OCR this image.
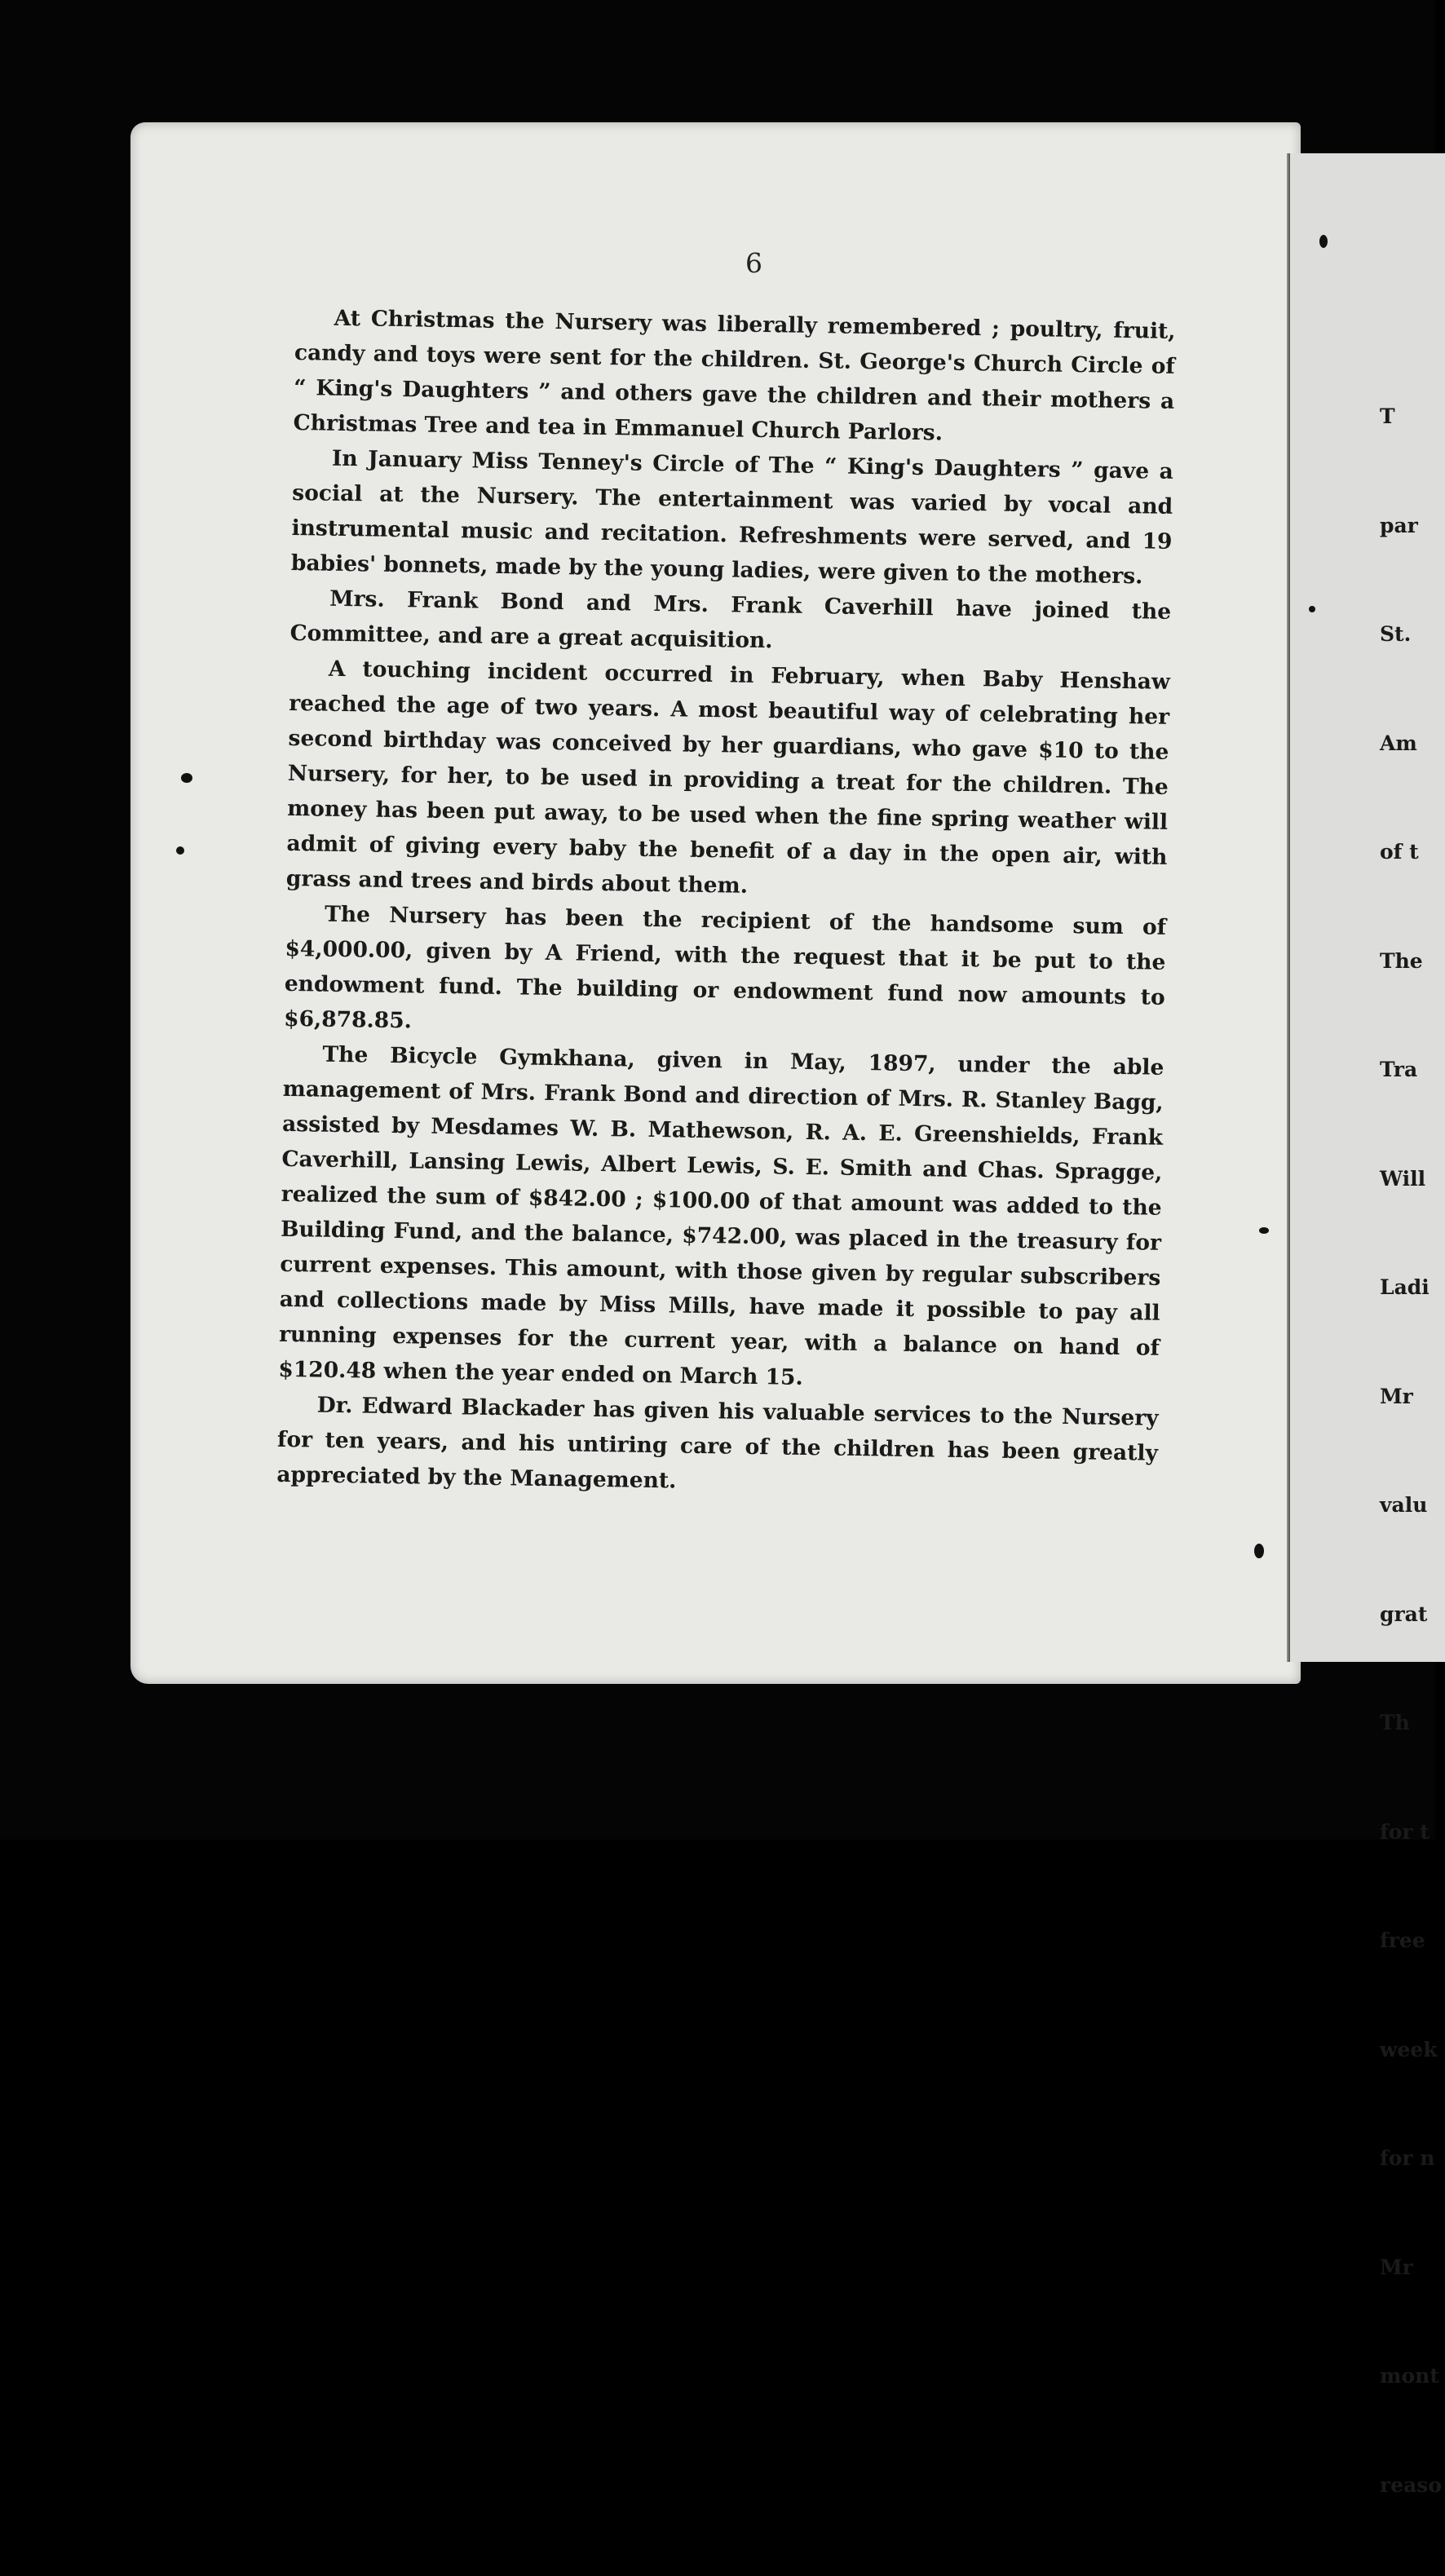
6

At Christmas the Nursery was liberally remembered ; poultry, fruit, candy and toys were sent for the children. St. George's Church Circle of “ King's Daughters ” and others gave the children and their mothers a Christmas Tree and tea in Emmanuel Church Parlors.

In January Miss Tenney's Circle of The “ King's Daughters ” gave a social at the Nursery. The entertainment was varied by vocal and instrumental music and recitation. Refreshments were served, and 19 babies' bonnets, made by the young ladies, were given to the mothers.

Mrs. Frank Bond and Mrs. Frank Caverhill have joined the Committee, and are a great acquisition.

A touching incident occurred in February, when Baby Henshaw reached the age of two years. A most beautiful way of celebrating her second birthday was conceived by her guardians, who gave $10 to the Nursery, for her, to be used in providing a treat for the children. The money has been put away, to be used when the fine spring weather will admit of giving every baby the benefit of a day in the open air, with grass and trees and birds about them.

The Nursery has been the recipient of the handsome sum of $4,000.00, given by A Friend, with the request that it be put to the endowment fund. The building or endowment fund now amounts to $6,878.85.

The Bicycle Gymkhana, given in May, 1897, under the able management of Mrs. Frank Bond and direction of Mrs. R. Stanley Bagg, assisted by Mesdames W. B. Mathewson, R. A. E. Greenshields, Frank Caverhill, Lansing Lewis, Albert Lewis, S. E. Smith and Chas. Spragge, realized the sum of $842.00 ; $100.00 of that amount was added to the Building Fund, and the balance, $742.00, was placed in the treasury for current expenses. This amount, with those given by regular subscribers and collections made by Miss Mills, have made it possible to pay all running expenses for the current year, with a balance on hand of $120.48 when the year ended on March 15.

Dr. Edward Blackader has given his valuable services to the Nursery for ten years, and his untiring care of the children has been greatly appreciated by the Management.

T

par

St.

Am

of t

The

Tra

Will

Ladi

Mr

valu

grat

Th

for t

free

week

for n

Mr

mont

reaso
